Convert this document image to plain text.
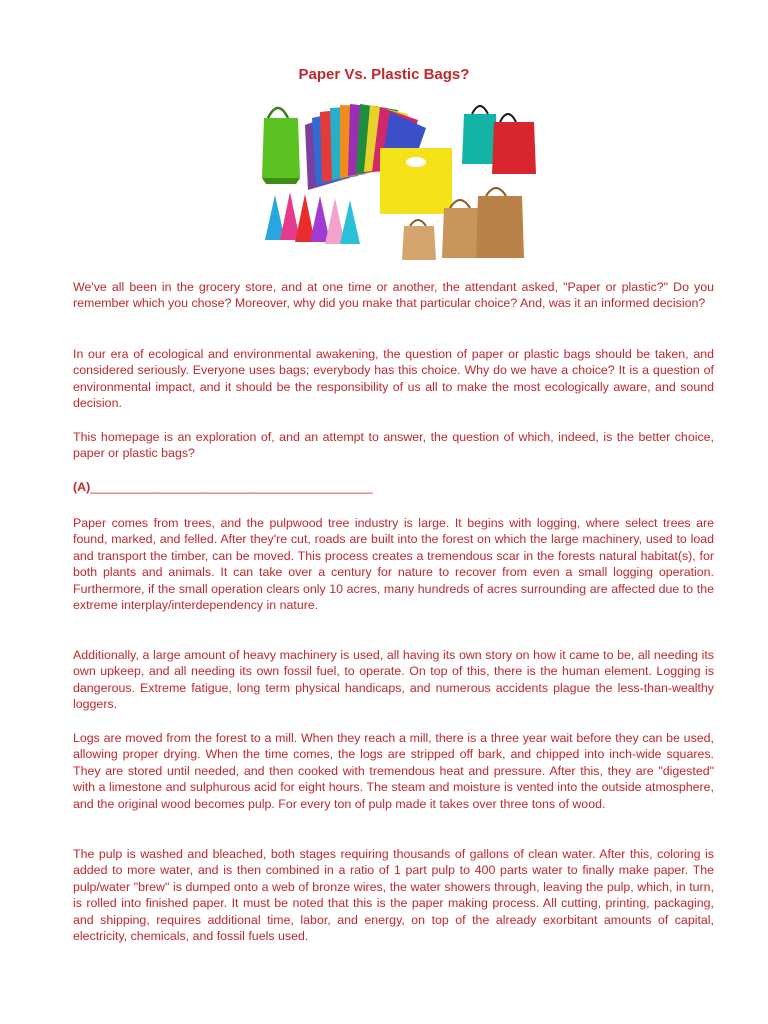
Paper Vs. Plastic Bags?

We've all been in the grocery store, and at one time or another, the attendant asked, "Paper or plastic?" Do you remember which you chose? Moreover, why did you make that particular choice? And, was it an informed decision?

In our era of ecological and environmental awakening, the question of paper or plastic bags should be taken, and considered seriously. Everyone uses bags; everybody has this choice. Why do we have a choice? It is a question of environmental impact, and it should be the responsibility of us all to make the most ecologically aware, and sound decision.

This homepage is an exploration of, and an attempt to answer, the question of which, indeed, is the better choice, paper or plastic bags?

(A)_________________________________________

Paper comes from trees, and the pulpwood tree industry is large. It begins with logging, where select trees are found, marked, and felled. After they're cut, roads are built into the forest on which the large machinery, used to load and transport the timber, can be moved. This process creates a tremendous scar in the forests natural habitat(s), for both plants and animals. It can take over a century for nature to recover from even a small logging operation. Furthermore, if the small operation clears only 10 acres, many hundreds of acres surrounding are affected due to the extreme interplay/interdependency in nature.

Additionally, a large amount of heavy machinery is used, all having its own story on how it came to be, all needing its own upkeep, and all needing its own fossil fuel, to operate. On top of this, there is the human element. Logging is dangerous. Extreme fatigue, long term physical handicaps, and numerous accidents plague the less-than-wealthy loggers.

Logs are moved from the forest to a mill. When they reach a mill, there is a three year wait before they can be used, allowing proper drying. When the time comes, the logs are stripped off bark, and chipped into inch-wide squares. They are stored until needed, and then cooked with tremendous heat and pressure. After this, they are "digested" with a limestone and sulphurous acid for eight hours. The steam and moisture is vented into the outside atmosphere, and the original wood becomes pulp. For every ton of pulp made it takes over three tons of wood.

The pulp is washed and bleached, both stages requiring thousands of gallons of clean water. After this, coloring is added to more water, and is then combined in a ratio of 1 part pulp to 400 parts water to finally make paper. The pulp/water "brew" is dumped onto a web of bronze wires, the water showers through, leaving the pulp, which, in turn, is rolled into finished paper. It must be noted that this is the paper making process. All cutting, printing, packaging, and shipping, requires additional time, labor, and energy, on top of the already exorbitant amounts of capital, electricity, chemicals, and fossil fuels used.
